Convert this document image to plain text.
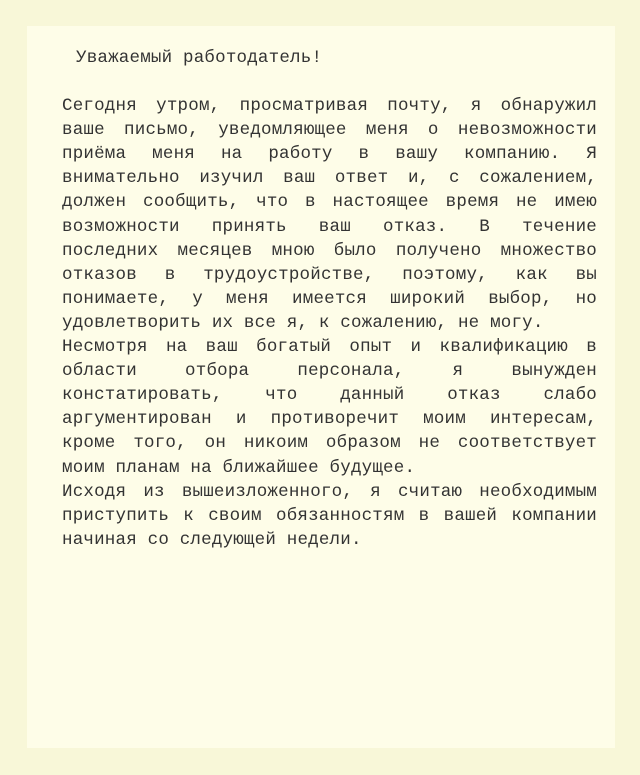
Уважаемый работодатель!

Сегодня утром, просматривая почту, я обнаружил ваше письмо, уведомляющее меня о невозможности приёма меня на работу в вашу компанию. Я внимательно изучил ваш ответ и, с сожалением, должен сообщить, что в настоящее время не имею возможности принять ваш отказ. В течение последних месяцев мною было получено множество отказов в трудоустройстве, поэтому, как вы понимаете, у меня имеется широкий выбор, но удовлетворить их все я, к сожалению, не могу.

Несмотря на ваш богатый опыт и квалификацию в области отбора персонала, я вынужден констатировать, что данный отказ слабо аргументирован и противоречит моим интересам, кроме того, он никоим образом не соответствует моим планам на ближайшее будущее.

Исходя из вышеизложенного, я считаю необходимым приступить к своим обязанностям в вашей компании начиная со следующей недели.
